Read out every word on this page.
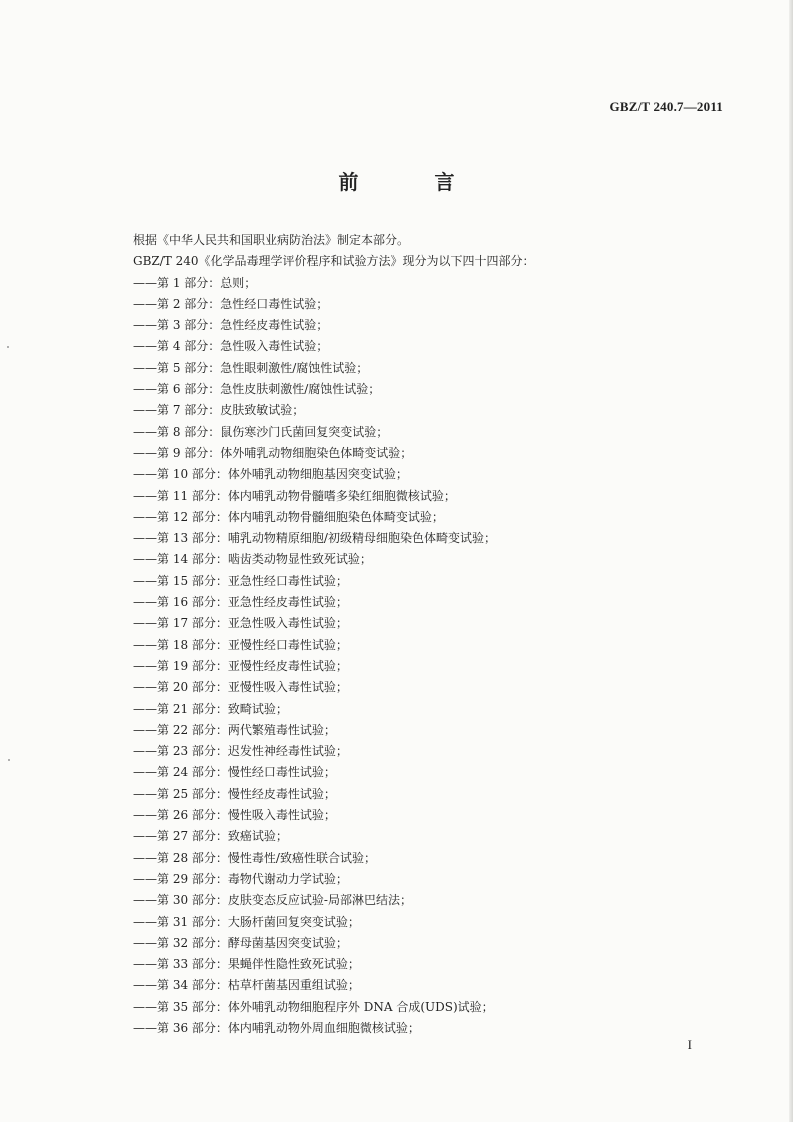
GBZ/T 240.7—2011
前　言
根据《中华人民共和国职业病防治法》制定本部分。
GBZ/T 240《化学品毒理学评价程序和试验方法》现分为以下四十四部分：
——第 1 部分：总则；
——第 2 部分：急性经口毒性试验；
——第 3 部分：急性经皮毒性试验；
——第 4 部分：急性吸入毒性试验；
——第 5 部分：急性眼刺激性/腐蚀性试验；
——第 6 部分：急性皮肤刺激性/腐蚀性试验；
——第 7 部分：皮肤致敏试验；
——第 8 部分：鼠伤寒沙门氏菌回复突变试验；
——第 9 部分：体外哺乳动物细胞染色体畸变试验；
——第 10 部分：体外哺乳动物细胞基因突变试验；
——第 11 部分：体内哺乳动物骨髓嗜多染红细胞微核试验；
——第 12 部分：体内哺乳动物骨髓细胞染色体畸变试验；
——第 13 部分：哺乳动物精原细胞/初级精母细胞染色体畸变试验；
——第 14 部分：啮齿类动物显性致死试验；
——第 15 部分：亚急性经口毒性试验；
——第 16 部分：亚急性经皮毒性试验；
——第 17 部分：亚急性吸入毒性试验；
——第 18 部分：亚慢性经口毒性试验；
——第 19 部分：亚慢性经皮毒性试验；
——第 20 部分：亚慢性吸入毒性试验；
——第 21 部分：致畸试验；
——第 22 部分：两代繁殖毒性试验；
——第 23 部分：迟发性神经毒性试验；
——第 24 部分：慢性经口毒性试验；
——第 25 部分：慢性经皮毒性试验；
——第 26 部分：慢性吸入毒性试验；
——第 27 部分：致癌试验；
——第 28 部分：慢性毒性/致癌性联合试验；
——第 29 部分：毒物代谢动力学试验；
——第 30 部分：皮肤变态反应试验-局部淋巴结法；
——第 31 部分：大肠杆菌回复突变试验；
——第 32 部分：酵母菌基因突变试验；
——第 33 部分：果蝇伴性隐性致死试验；
——第 34 部分：枯草杆菌基因重组试验；
——第 35 部分：体外哺乳动物细胞程序外 DNA 合成(UDS)试验；
——第 36 部分：体内哺乳动物外周血细胞微核试验；
I
